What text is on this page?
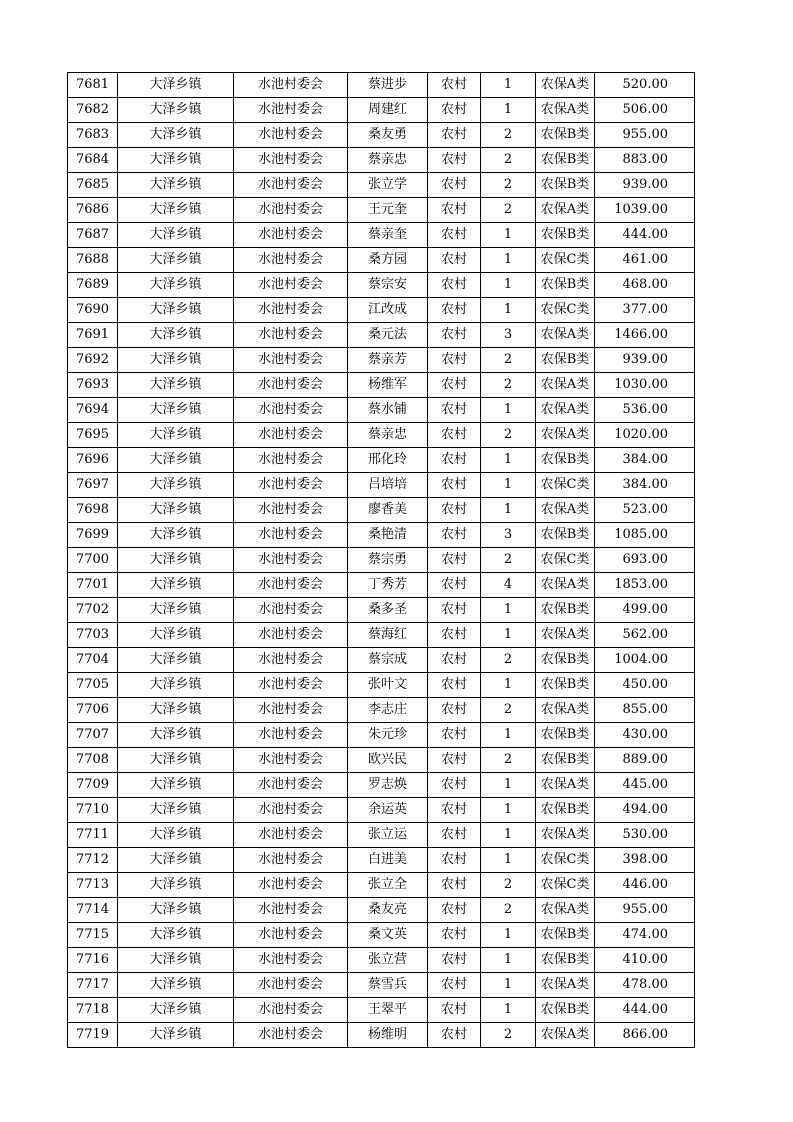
7681	大泽乡镇	水池村委会	蔡进步	农村	1	农保A类	520.00
7682	大泽乡镇	水池村委会	周建红	农村	1	农保A类	506.00
7683	大泽乡镇	水池村委会	桑友勇	农村	2	农保B类	955.00
7684	大泽乡镇	水池村委会	蔡亲忠	农村	2	农保B类	883.00
7685	大泽乡镇	水池村委会	张立学	农村	2	农保B类	939.00
7686	大泽乡镇	水池村委会	王元奎	农村	2	农保A类	1039.00
7687	大泽乡镇	水池村委会	蔡亲奎	农村	1	农保B类	444.00
7688	大泽乡镇	水池村委会	桑方园	农村	1	农保C类	461.00
7689	大泽乡镇	水池村委会	蔡宗安	农村	1	农保B类	468.00
7690	大泽乡镇	水池村委会	江改成	农村	1	农保C类	377.00
7691	大泽乡镇	水池村委会	桑元法	农村	3	农保A类	1466.00
7692	大泽乡镇	水池村委会	蔡亲芳	农村	2	农保B类	939.00
7693	大泽乡镇	水池村委会	杨维军	农村	2	农保A类	1030.00
7694	大泽乡镇	水池村委会	蔡水铺	农村	1	农保A类	536.00
7695	大泽乡镇	水池村委会	蔡亲忠	农村	2	农保A类	1020.00
7696	大泽乡镇	水池村委会	邢化玲	农村	1	农保B类	384.00
7697	大泽乡镇	水池村委会	吕培培	农村	1	农保C类	384.00
7698	大泽乡镇	水池村委会	廖香美	农村	1	农保A类	523.00
7699	大泽乡镇	水池村委会	桑艳清	农村	3	农保B类	1085.00
7700	大泽乡镇	水池村委会	蔡宗勇	农村	2	农保C类	693.00
7701	大泽乡镇	水池村委会	丁秀芳	农村	4	农保A类	1853.00
7702	大泽乡镇	水池村委会	桑多圣	农村	1	农保B类	499.00
7703	大泽乡镇	水池村委会	蔡海红	农村	1	农保A类	562.00
7704	大泽乡镇	水池村委会	蔡宗成	农村	2	农保B类	1004.00
7705	大泽乡镇	水池村委会	张叶文	农村	1	农保B类	450.00
7706	大泽乡镇	水池村委会	李志庄	农村	2	农保A类	855.00
7707	大泽乡镇	水池村委会	朱元珍	农村	1	农保B类	430.00
7708	大泽乡镇	水池村委会	欧兴民	农村	2	农保B类	889.00
7709	大泽乡镇	水池村委会	罗志焕	农村	1	农保A类	445.00
7710	大泽乡镇	水池村委会	余运英	农村	1	农保B类	494.00
7711	大泽乡镇	水池村委会	张立运	农村	1	农保A类	530.00
7712	大泽乡镇	水池村委会	白进美	农村	1	农保C类	398.00
7713	大泽乡镇	水池村委会	张立全	农村	2	农保C类	446.00
7714	大泽乡镇	水池村委会	桑友亮	农村	2	农保A类	955.00
7715	大泽乡镇	水池村委会	桑文英	农村	1	农保B类	474.00
7716	大泽乡镇	水池村委会	张立营	农村	1	农保B类	410.00
7717	大泽乡镇	水池村委会	蔡雪兵	农村	1	农保A类	478.00
7718	大泽乡镇	水池村委会	王翠平	农村	1	农保B类	444.00
7719	大泽乡镇	水池村委会	杨维明	农村	2	农保A类	866.00
